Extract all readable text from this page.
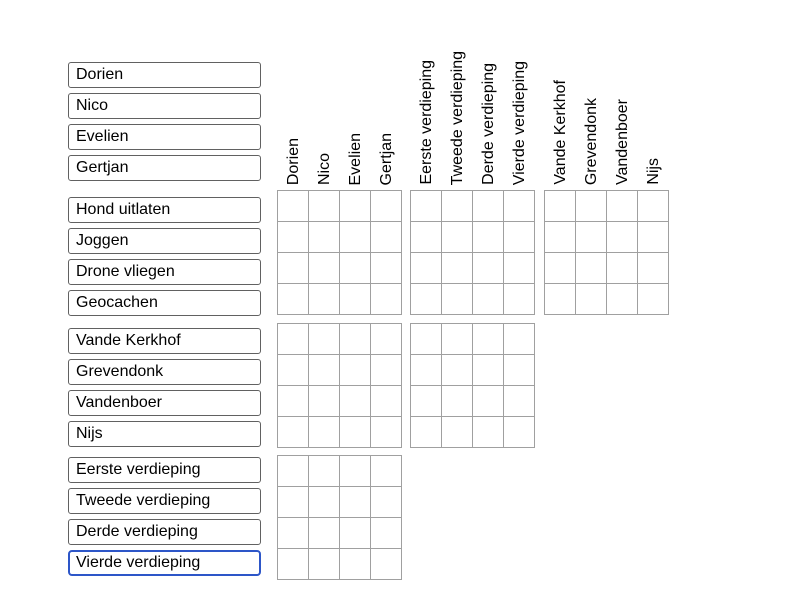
Dorien Nico Evelien Gertjan Eerste verdieping Tweede verdieping Derde verdieping Vierde verdieping Vande Kerkhof Grevendonk Vandenboer Nijs
Dorien
Nico
Evelien
Gertjan
Hond uitlaten
Joggen
Drone vliegen
Geocachen
Vande Kerkhof
Grevendonk
Vandenboer
Nijs
Eerste verdieping
Tweede verdieping
Derde verdieping
Vierde verdieping
